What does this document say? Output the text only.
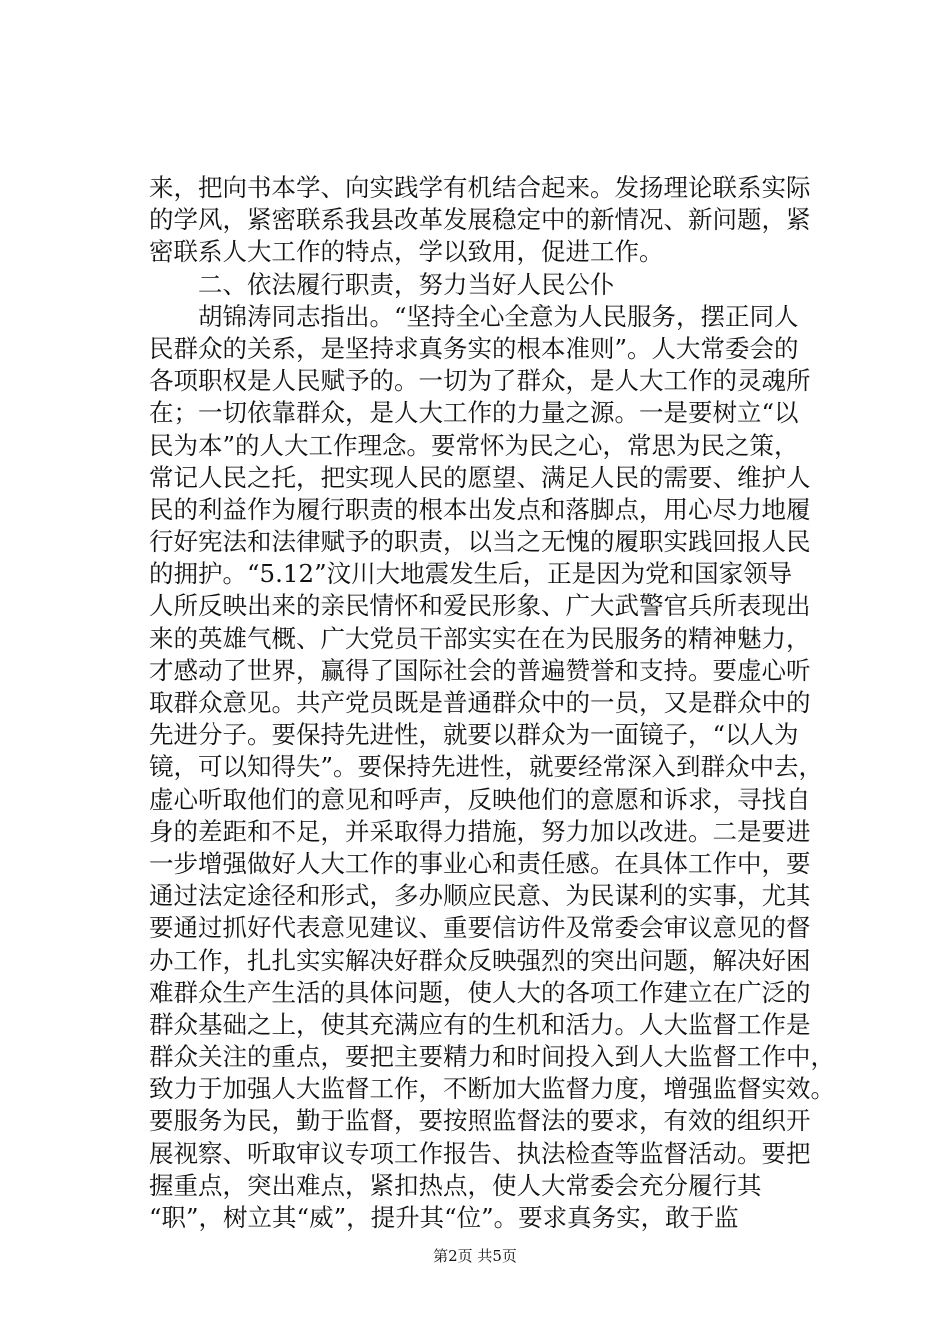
来，把向书本学、向实践学有机结合起来。发扬理论联系实际
的学风，紧密联系我县改革发展稳定中的新情况、新问题，紧
密联系人大工作的特点，学以致用，促进工作。
二、依法履行职责，努力当好人民公仆
胡锦涛同志指出。“坚持全心全意为人民服务，摆正同人
民群众的关系，是坚持求真务实的根本准则”。人大常委会的
各项职权是人民赋予的。一切为了群众，是人大工作的灵魂所
在；一切依靠群众，是人大工作的力量之源。一是要树立“以
民为本”的人大工作理念。要常怀为民之心，常思为民之策，
常记人民之托，把实现人民的愿望、满足人民的需要、维护人
民的利益作为履行职责的根本出发点和落脚点，用心尽力地履
行好宪法和法律赋予的职责，以当之无愧的履职实践回报人民
的拥护。“5.12”汶川大地震发生后，正是因为党和国家领导
人所反映出来的亲民情怀和爱民形象、广大武警官兵所表现出
来的英雄气概、广大党员干部实实在在为民服务的精神魅力，
才感动了世界，赢得了国际社会的普遍赞誉和支持。要虚心听
取群众意见。共产党员既是普通群众中的一员，又是群众中的
先进分子。要保持先进性，就要以群众为一面镜子，“以人为
镜，可以知得失”。要保持先进性，就要经常深入到群众中去，
虚心听取他们的意见和呼声，反映他们的意愿和诉求，寻找自
身的差距和不足，并采取得力措施，努力加以改进。二是要进
一步增强做好人大工作的事业心和责任感。在具体工作中，要
通过法定途径和形式，多办顺应民意、为民谋利的实事，尤其
要通过抓好代表意见建议、重要信访件及常委会审议意见的督
办工作，扎扎实实解决好群众反映强烈的突出问题，解决好困
难群众生产生活的具体问题，使人大的各项工作建立在广泛的
群众基础之上，使其充满应有的生机和活力。人大监督工作是
群众关注的重点，要把主要精力和时间投入到人大监督工作中，
致力于加强人大监督工作，不断加大监督力度，增强监督实效。
要服务为民，勤于监督，要按照监督法的要求，有效的组织开
展视察、听取审议专项工作报告、执法检查等监督活动。要把
握重点，突出难点，紧扣热点，使人大常委会充分履行其
“职”，树立其“威”，提升其“位”。要求真务实，敢于监
第2页 共5页
